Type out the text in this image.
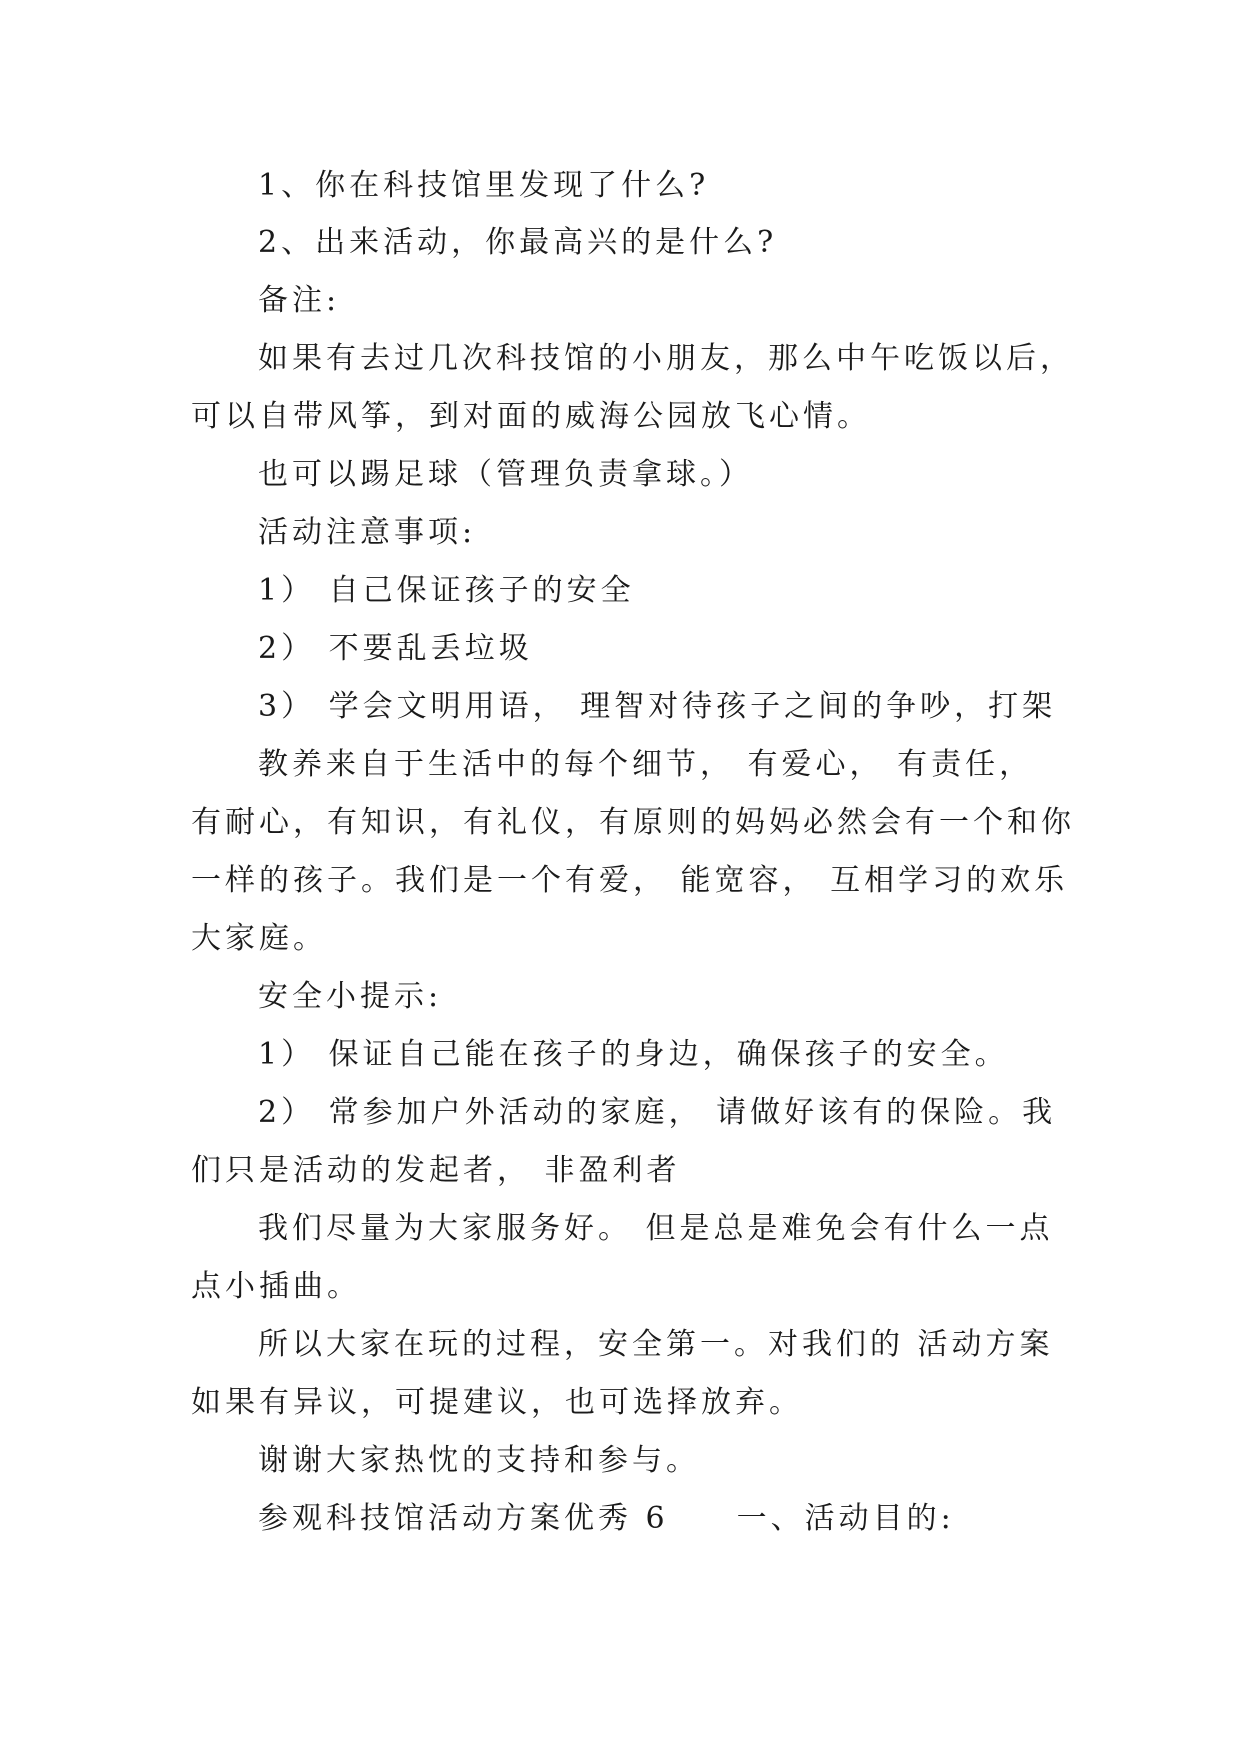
1、你在科技馆里发现了什么?
2、出来活动，你最高兴的是什么?
备注:
如果有去过几次科技馆的小朋友，那么中午吃饭以后，
可以自带风筝，到对面的威海公园放飞心情。
也可以踢足球（管理负责拿球。）
活动注意事项:
1） 自己保证孩子的安全
2） 不要乱丢垃圾
3） 学会文明用语， 理智对待孩子之间的争吵，打架
教养来自于生活中的每个细节， 有爱心， 有责任，
有耐心，有知识，有礼仪，有原则的妈妈必然会有一个和你
一样的孩子。我们是一个有爱， 能宽容， 互相学习的欢乐
大家庭。
安全小提示:
1） 保证自己能在孩子的身边，确保孩子的安全。
2） 常参加户外活动的家庭， 请做好该有的保险。我
们只是活动的发起者， 非盈利者
我们尽量为大家服务好。 但是总是难免会有什么一点
点小插曲。
所以大家在玩的过程，安全第一。对我们的 活动方案
如果有异议，可提建议，也可选择放弃。
谢谢大家热忱的支持和参与。
参观科技馆活动方案优秀 6　　一、活动目的:
